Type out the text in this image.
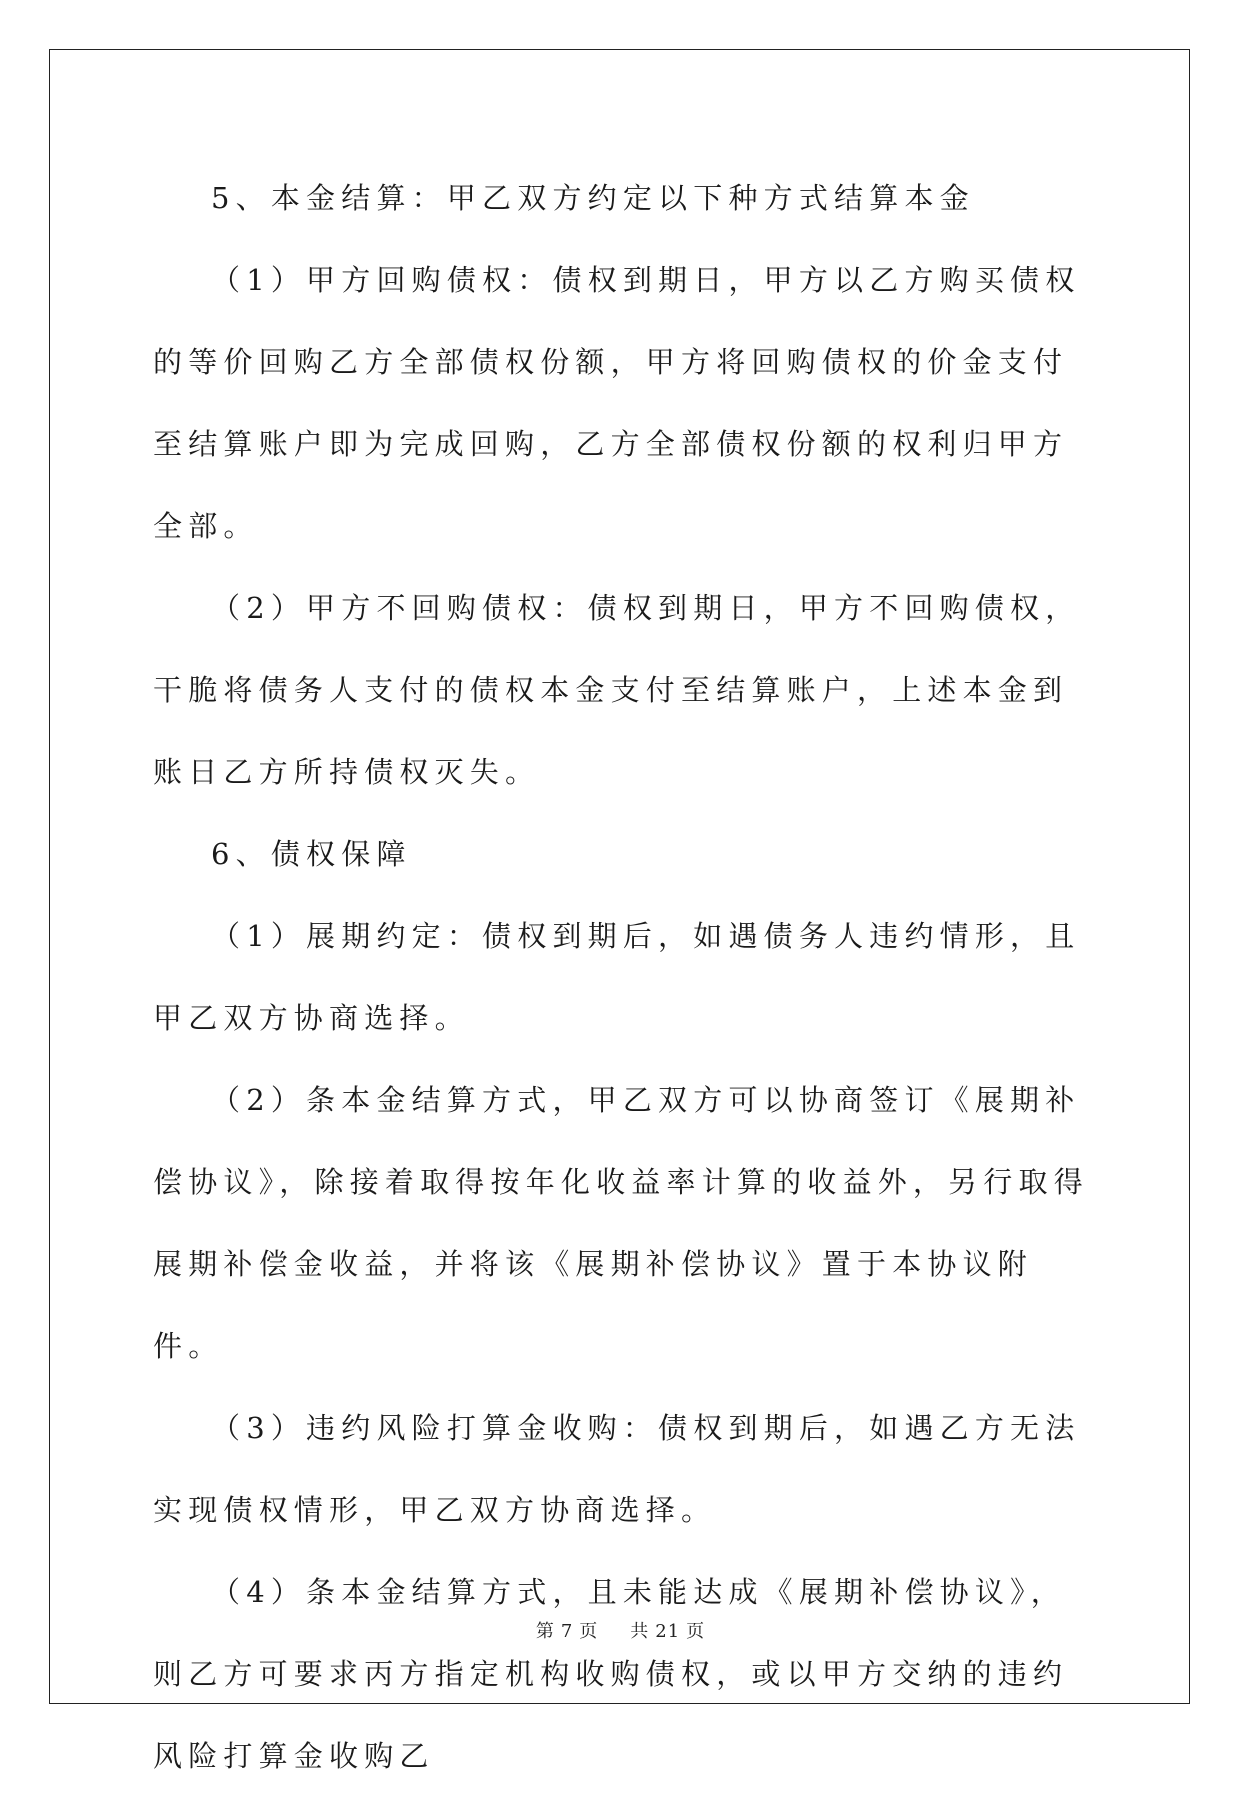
5、本金结算：甲乙双方约定以下种方式结算本金

（1）甲方回购债权：债权到期日，甲方以乙方购买债权的等价回购乙方全部债权份额，甲方将回购债权的价金支付至结算账户即为完成回购，乙方全部债权份额的权利归甲方全部。

（2）甲方不回购债权：债权到期日，甲方不回购债权，干脆将债务人支付的债权本金支付至结算账户，上述本金到账日乙方所持债权灭失。

6、债权保障

（1）展期约定：债权到期后，如遇债务人违约情形，且甲乙双方协商选择。

（2）条本金结算方式，甲乙双方可以协商签订《展期补偿协议》，除接着取得按年化收益率计算的收益外，另行取得展期补偿金收益，并将该《展期补偿协议》置于本协议附件。

（3）违约风险打算金收购：债权到期后，如遇乙方无法实现债权情形，甲乙双方协商选择。

（4）条本金结算方式，且未能达成《展期补偿协议》，则乙方可要求丙方指定机构收购债权，或以甲方交纳的违约风险打算金收购乙

第 7 页 共 21 页
